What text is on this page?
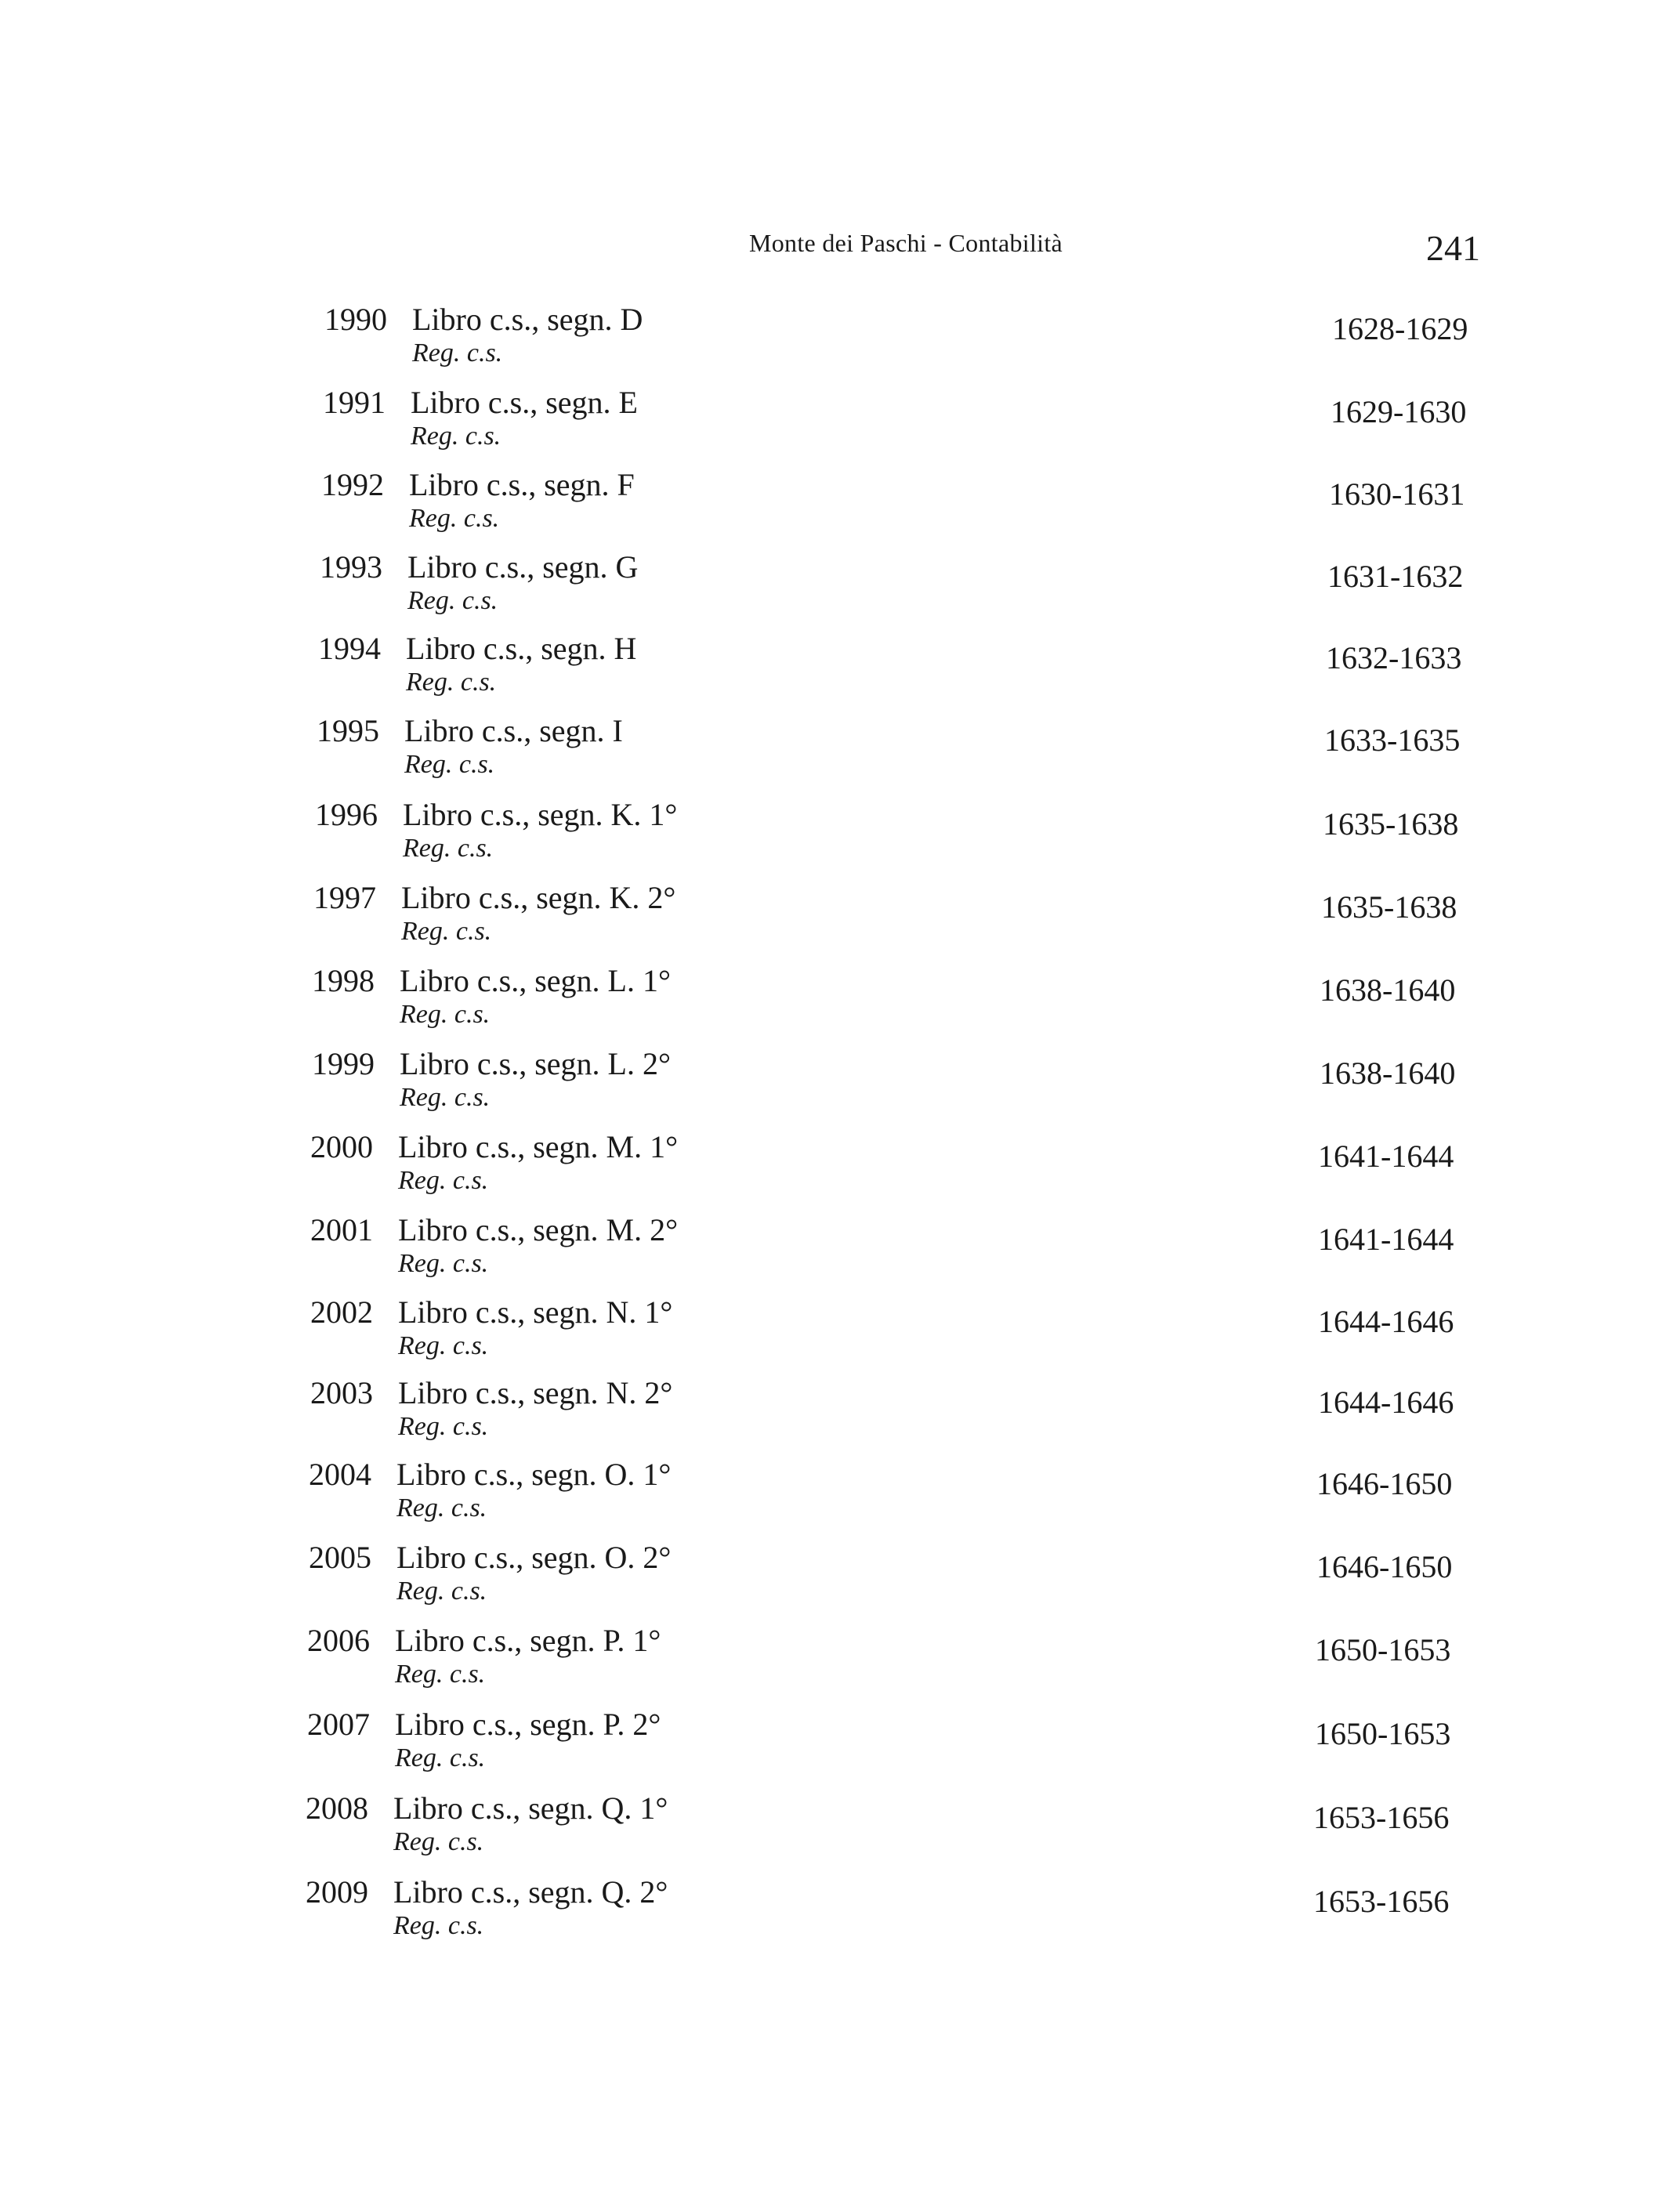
Monte dei Paschi - Contabilità	241
1990 Libro c.s., segn. D
Reg. c.s.
1628-1629
1991 Libro c.s., segn. E
Reg. c.s.
1629-1630
1992 Libro c.s., segn. F
Reg. c.s.
1630-1631
1993 Libro c.s., segn. G
Reg. c.s.
1631-1632
1994 Libro c.s., segn. H
Reg. c.s.
1632-1633
1995 Libro c.s., segn. I
Reg. c.s.
1633-1635
1996 Libro c.s., segn. K. 1°
Reg. c.s.
1635-1638
1997 Libro c.s., segn. K. 2°
Reg. c.s.
1635-1638
1998 Libro c.s., segn. L. 1°
Reg. c.s.
1638-1640
1999 Libro c.s., segn. L. 2°
Reg. c.s.
1638-1640
2000 Libro c.s., segn. M. 1°
Reg. c.s.
1641-1644
2001 Libro c.s., segn. M. 2°
Reg. c.s.
1641-1644
2002 Libro c.s., segn. N. 1°
Reg. c.s.
1644-1646
2003 Libro c.s., segn. N. 2°
Reg. c.s.
1644-1646
2004 Libro c.s., segn. O. 1°
Reg. c.s.
1646-1650
2005 Libro c.s., segn. O. 2°
Reg. c.s.
1646-1650
2006 Libro c.s., segn. P. 1°
Reg. c.s.
1650-1653
2007 Libro c.s., segn. P. 2°
Reg. c.s.
1650-1653
2008 Libro c.s., segn. Q. 1°
Reg. c.s.
1653-1656
2009 Libro c.s., segn. Q. 2°
Reg. c.s.
1653-1656
